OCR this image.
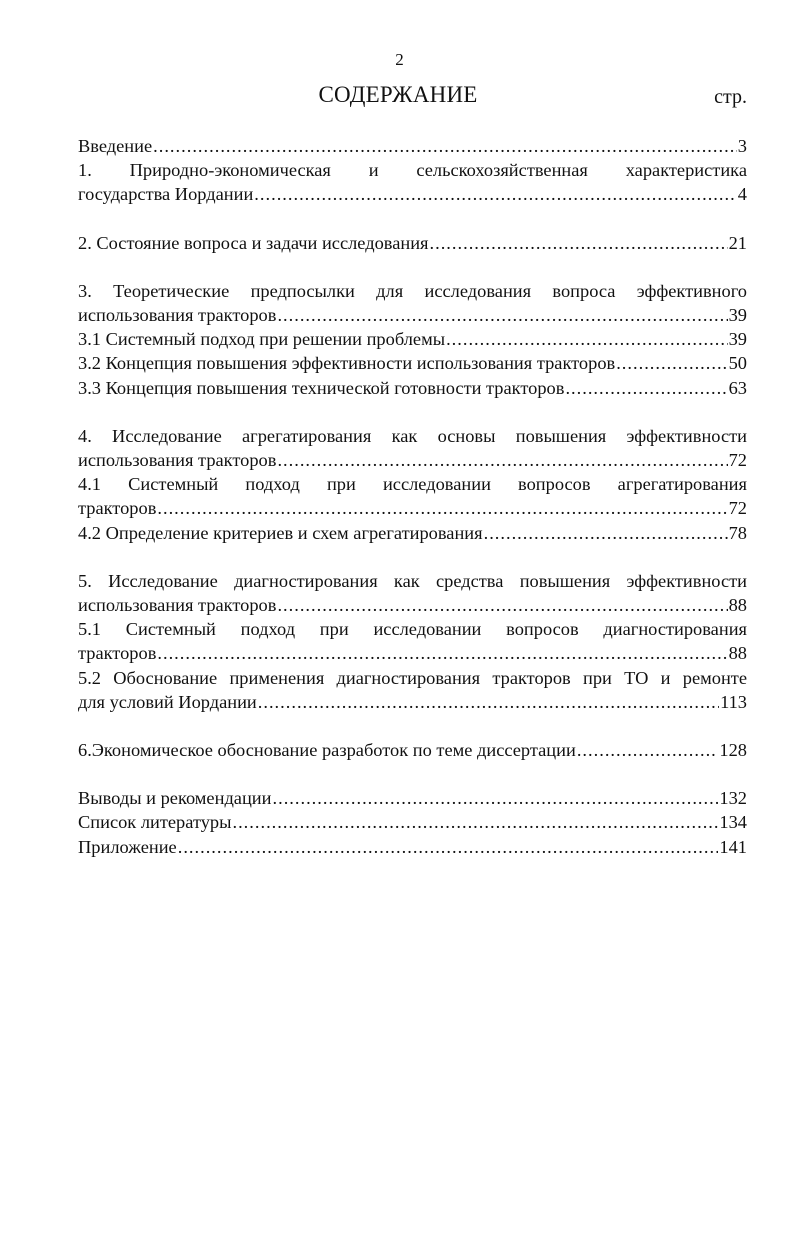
2
СОДЕРЖАНИЕ	стр.
Введение .....	3
1. Природно-экономическая и сельскохозяйственная характеристика
государства Иордании .....	4
2. Состояние вопроса и задачи исследования .....	21
3. Теоретические предпосылки для исследования вопроса эффективного
использования тракторов .....	39
3.1 Системный подход при решении проблемы .....	39
3.2 Концепция повышения эффективности использования тракторов .....	50
3.3 Концепция повышения технической готовности тракторов .....	63
4. Исследование агрегатирования как основы повышения эффективности
использования тракторов .....	72
4.1 Системный подход при исследовании вопросов агрегатирования
тракторов .....	72
4.2 Определение критериев и схем агрегатирования .....	78
5. Исследование диагностирования как средства повышения эффективности
использования тракторов .....	88
5.1 Системный подход при исследовании вопросов диагностирования
тракторов .....	88
5.2 Обоснование применения диагностирования тракторов при ТО и ремонте
для условий Иордании .....	113
6.Экономическое обоснование разработок по теме диссертации .....	128
Выводы и рекомендации .....	132
Список литературы .....	134
Приложение .....	141
